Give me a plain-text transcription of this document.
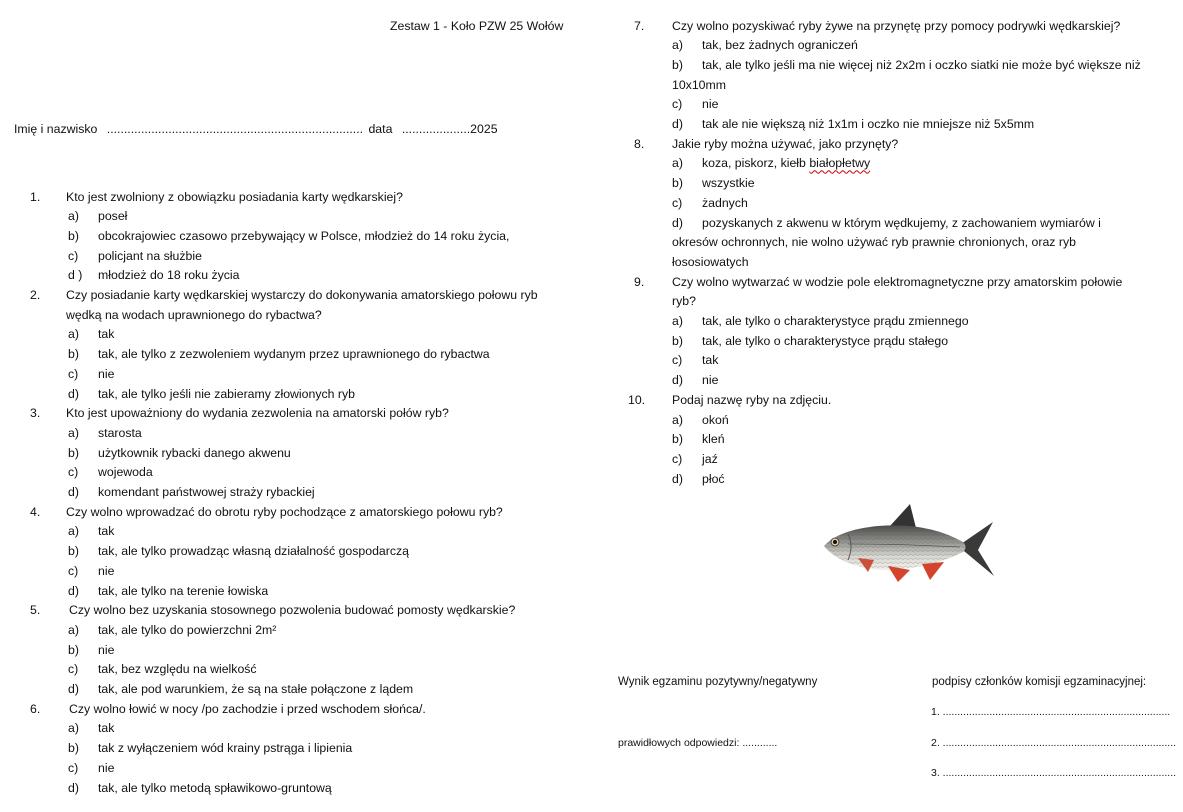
Zestaw 1 - Koło PZW 25 Wołów
Imię i nazwisko ........................................................................... data ....................2025
1. Kto jest zwolniony z obowiązku posiadania karty wędkarskiej?
a) poseł
b) obcokrajowiec czasowo przebywający w Polsce, młodzież do 14 roku życia,
c) policjant na służbie
d ) młodzież do 18 roku życia
2. Czy posiadanie karty wędkarskiej wystarczy do dokonywania amatorskiego połowu ryb
wędką na wodach uprawnionego do rybactwa?
a) tak
b) tak, ale tylko z zezwoleniem wydanym przez uprawnionego do rybactwa
c) nie
d) tak, ale tylko jeśli nie zabieramy złowionych ryb
3. Kto jest upoważniony do wydania zezwolenia na amatorski połów ryb?
a) starosta
b) użytkownik rybacki danego akwenu
c) wojewoda
d) komendant państwowej straży rybackiej
4. Czy wolno wprowadzać do obrotu ryby pochodzące z amatorskiego połowu ryb?
a) tak
b) tak, ale tylko prowadząc własną działalność gospodarczą
c) nie
d) tak, ale tylko na terenie łowiska
5. Czy wolno bez uzyskania stosownego pozwolenia budować pomosty wędkarskie?
a) tak, ale tylko do powierzchni 2m²
b) nie
c) tak, bez względu na wielkość
d) tak, ale pod warunkiem, że są na stałe połączone z lądem
6. Czy wolno łowić w nocy /po zachodzie i przed wschodem słońca/.
a) tak
b) tak z wyłączeniem wód krainy pstrąga i lipienia
c) nie
d) tak, ale tylko metodą spławikowo-gruntową
7. Czy wolno pozyskiwać ryby żywe na przynętę przy pomocy podrywki wędkarskiej?
a) tak, bez żadnych ograniczeń
b) tak, ale tylko jeśli ma nie więcej niż 2x2m i oczko siatki nie może być większe niż
10x10mm
c) nie
d) tak ale nie większą niż 1x1m i oczko nie mniejsze niż 5x5mm
8. Jakie ryby można używać, jako przynęty?
a) koza, piskorz, kiełb białopłetwy
b) wszystkie
c) żadnych
d) pozyskanych z akwenu w którym wędkujemy, z zachowaniem wymiarów i
okresów ochronnych, nie wolno używać ryb prawnie chronionych, oraz ryb
łososiowatych
9. Czy wolno wytwarzać w wodzie pole elektromagnetyczne przy amatorskim połowie
ryb?
a) tak, ale tylko o charakterystyce prądu zmiennego
b) tak, ale tylko o charakterystyce prądu stałego
c) tak
d) nie
10. Podaj nazwę ryby na zdjęciu.
a) okoń
b) kleń
c) jaź
d) płoć
Wynik egzaminu pozytywny/negatywny
prawidłowych odpowiedzi: ............
podpisy członków komisji egzaminacyjnej:
1. ..............................................................................
2. ................................................................................
3. ................................................................................
